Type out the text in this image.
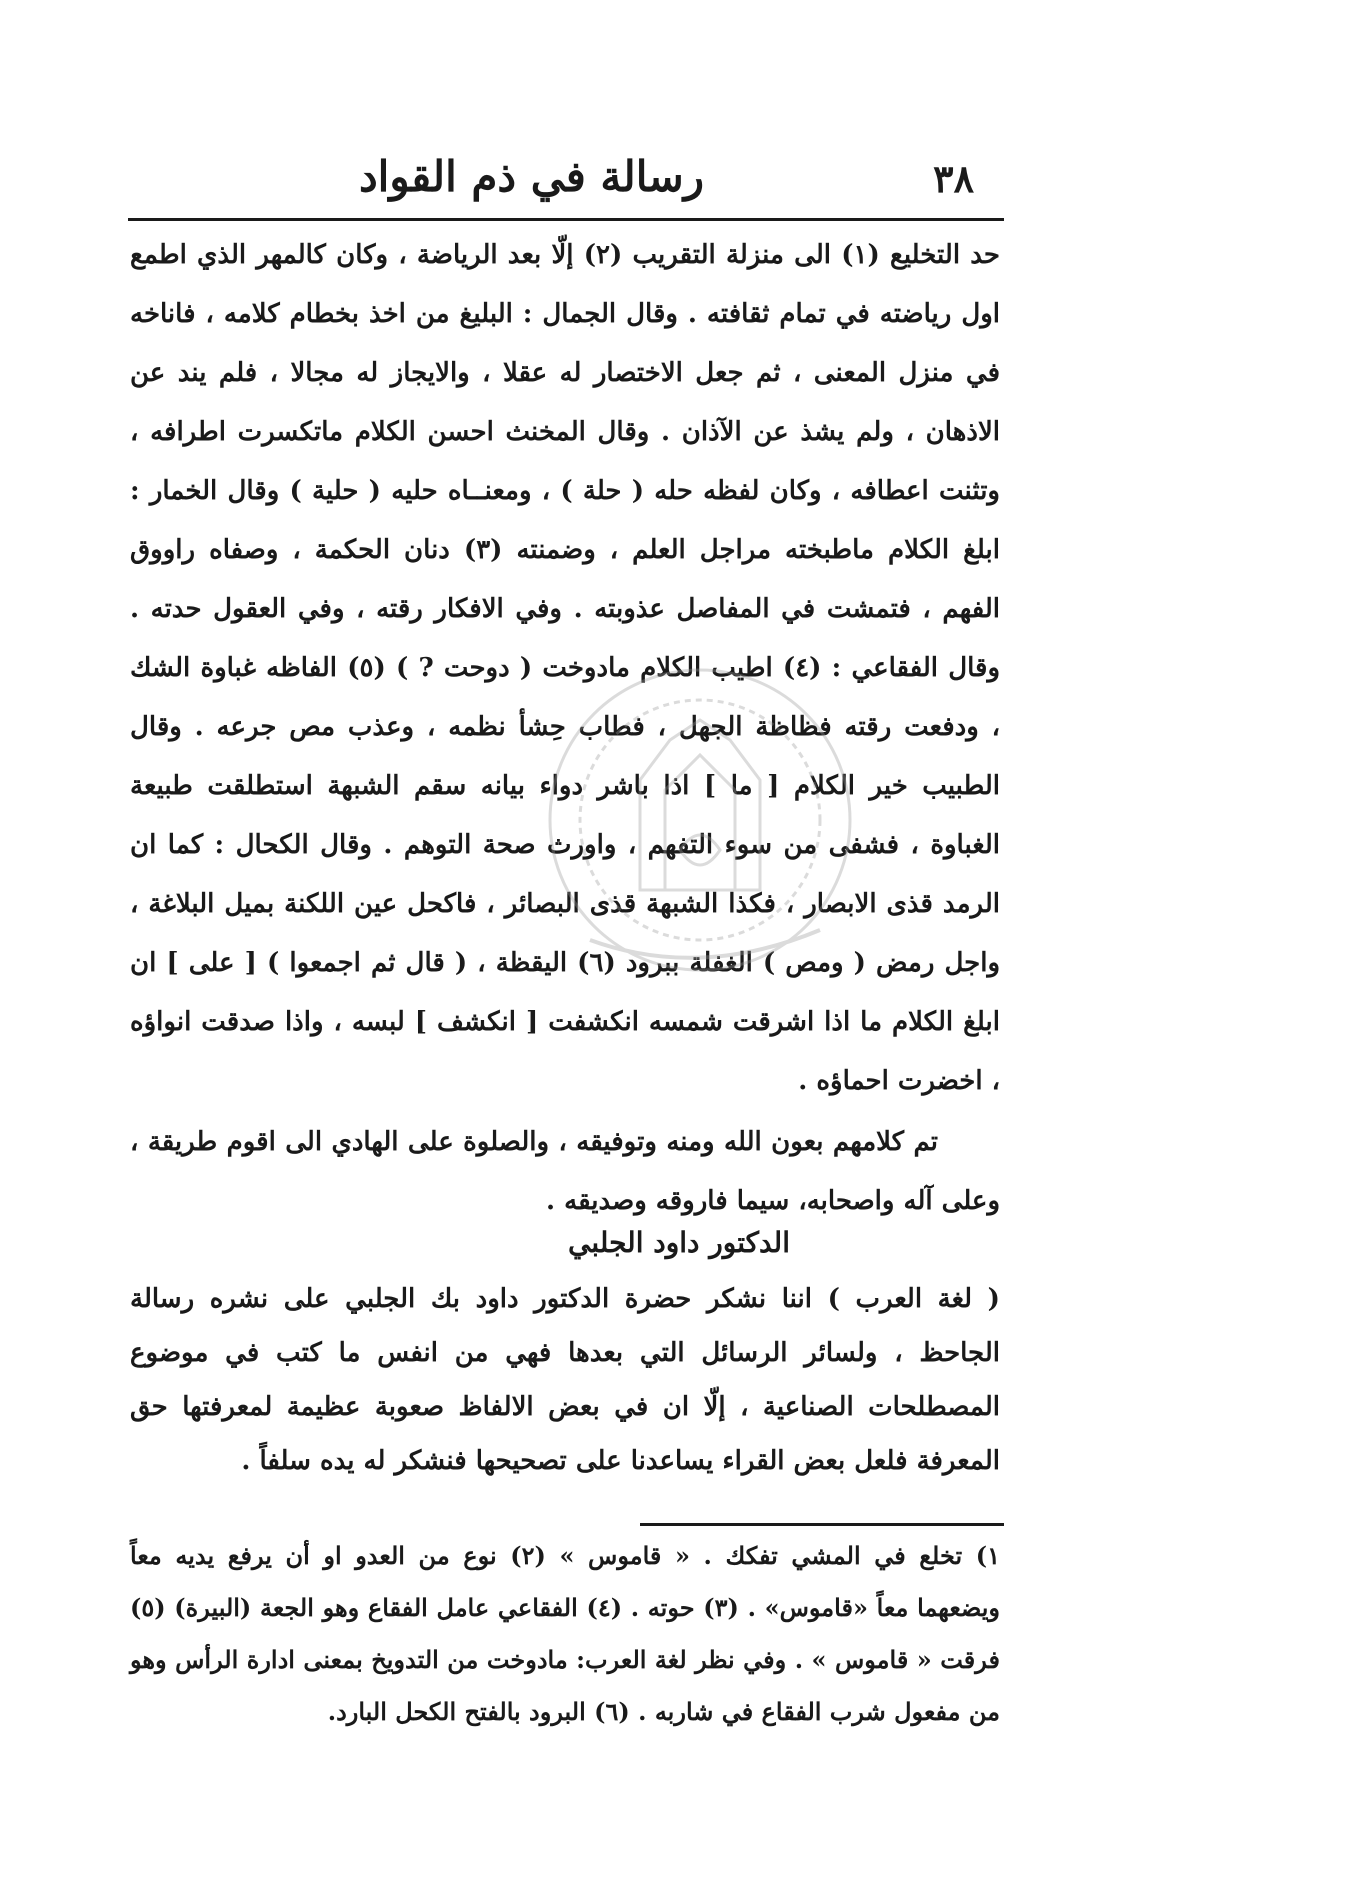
٣٨
رسالة في ذم القواد

حد التخليع (١) الى منزلة التقريب (٢) إلّا بعد الرياضة ، وكان كالمهر الذي اطمع اول رياضته في تمام ثقافته . وقال الجمال : البليغ من اخذ بخطام كلامه ، فاناخه في منزل المعنى ، ثم جعل الاختصار له عقلا ، والايجاز له مجالا ، فلم يند عن الاذهان ، ولم يشذ عن الآذان . وقال المخنث احسن الكلام ماتكسرت اطرافه ، وتثنت اعطافه ، وكان لفظه حله ( حلة ) ، ومعنــاه حليه ( حلية ) وقال الخمار : ابلغ الكلام ماطبخته مراجل العلم ، وضمنته (٣) دنان الحكمة ، وصفاه راووق الفهم ، فتمشت في المفاصل عذوبته . وفي الافكار رقته ، وفي العقول حدته . وقال الفقاعي : (٤) اطيب الكلام مادوخت ( دوحت ? ) (٥) الفاظه غباوة الشك ، ودفعت رقته فظاظة الجهل ، فطاب حِشأ نظمه ، وعذب مص جرعه . وقال الطبيب خير الكلام [ ما ] اذا باشر دواء بيانه سقم الشبهة استطلقت طبيعة الغباوة ، فشفى من سوء التفهم ، واورث صحة التوهم . وقال الكحال : كما ان الرمد قذى الابصار ، فكذا الشبهة قذى البصائر ، فاكحل عين اللكنة بميل البلاغة ، واجل رمض ( ومص ) الغفلة ببرود (٦) اليقظة ، ( قال ثم اجمعوا ) [ على ] ان ابلغ الكلام ما اذا اشرقت شمسه انكشفت [ انكشف ] لبسه ، واذا صدقت انواؤه ، اخضرت احماؤه .

تم كلامهم بعون الله ومنه وتوفيقه ، والصلوة على الهادي الى اقوم طريقة ، وعلى آله واصحابه، سيما فاروقه وصديقه .

الدكتور داود الجلبي

( لغة العرب ) اننا نشكر حضرة الدكتور داود بك الجلبي على نشره رسالة الجاحظ ، ولسائر الرسائل التي بعدها فهي من انفس ما كتب في موضوع المصطلحات الصناعية ، إلّا ان في بعض الالفاظ صعوبة عظيمة لمعرفتها حق المعرفة فلعل بعض القراء يساعدنا على تصحيحها فنشكر له يده سلفاً .

١) تخلع في المشي تفكك . « قاموس » (٢) نوع من العدو او أن يرفع يديه معاً ويضعهما معاً «قاموس» . (٣) حوته . (٤) الفقاعي عامل الفقاع وهو الجعة (البيرة) (٥) فرقت « قاموس » . وفي نظر لغة العرب: مادوخت من التدويخ بمعنى ادارة الرأس وهو من مفعول شرب الفقاع في شاربه . (٦) البرود بالفتح الكحل البارد.
